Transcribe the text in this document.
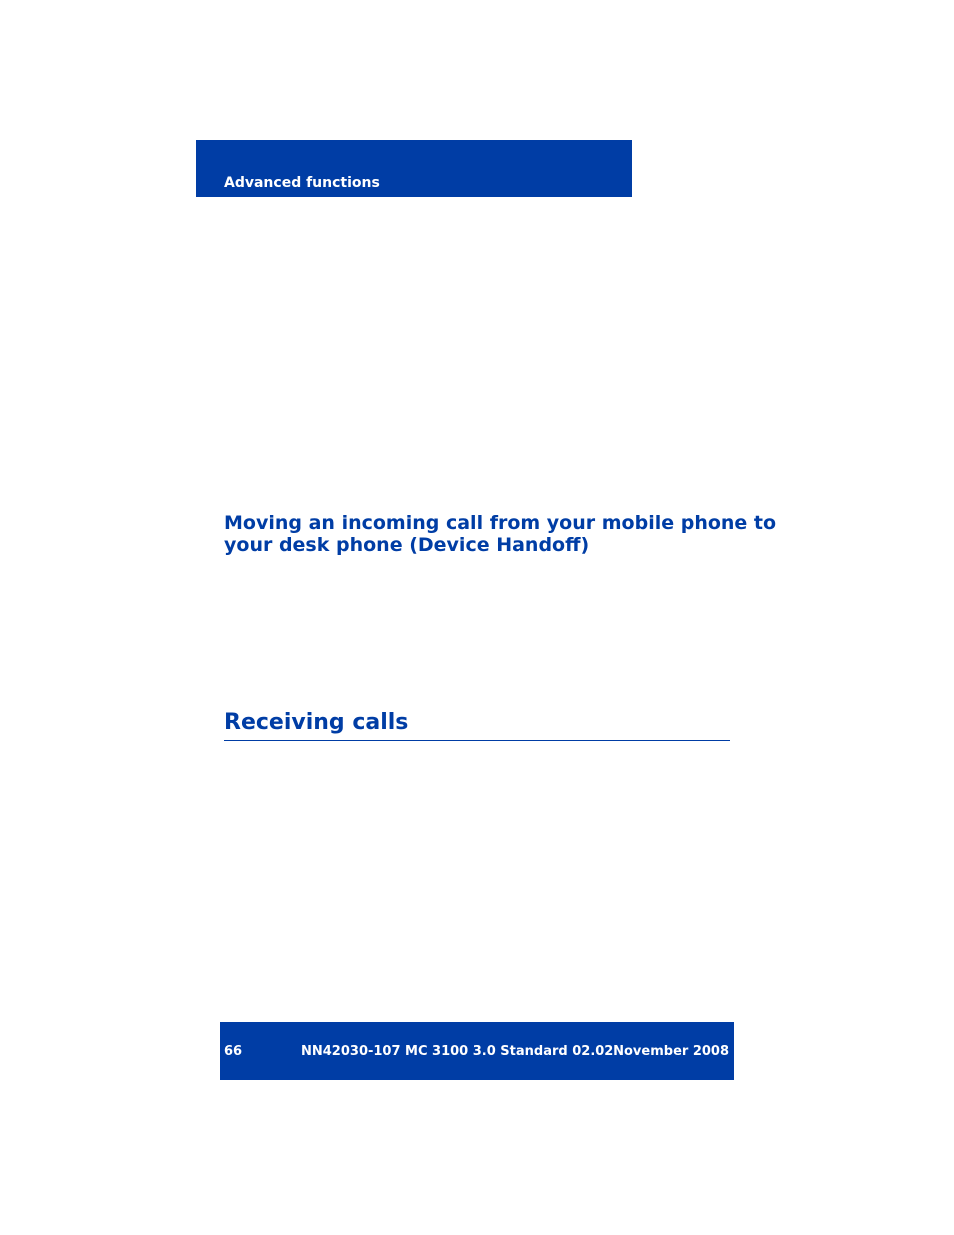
Advanced functions
Moving an incoming call from your mobile phone to
your desk phone (Device Handoff)
Receiving calls
66	NN42030-107 MC 3100 3.0 Standard 02.02 November 2008
